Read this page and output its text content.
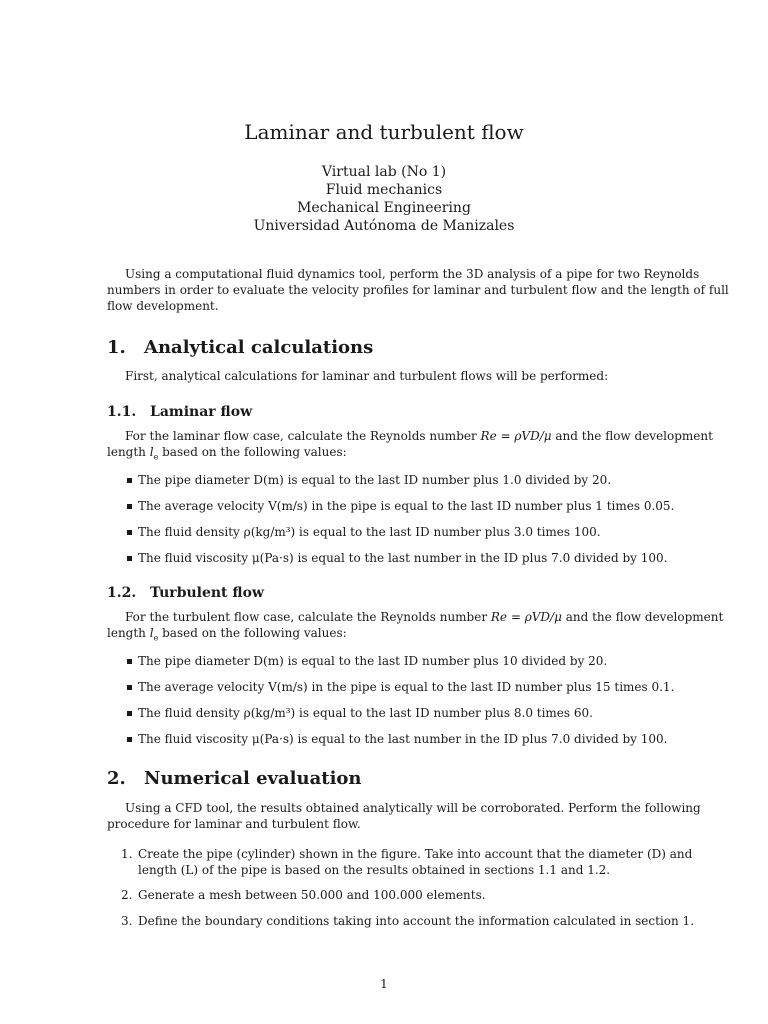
Laminar and turbulent flow
Virtual lab (No 1)
Fluid mechanics
Mechanical Engineering
Universidad Autónoma de Manizales
Using a computational fluid dynamics tool, perform the 3D analysis of a pipe for two Reynolds
numbers in order to evaluate the velocity profiles for laminar and turbulent flow and the length of full
flow development.
1. Analytical calculations
First, analytical calculations for laminar and turbulent flows will be performed:
1.1. Laminar flow
For the laminar flow case, calculate the Reynolds number Re = ρVD/μ and the flow development
length $l_e$ based on the following values:
The pipe diameter D(m) is equal to the last ID number plus 1.0 divided by 20.
The average velocity V(m/s) in the pipe is equal to the last ID number plus 1 times 0.05.
The fluid density ρ(kg/m³) is equal to the last ID number plus 3.0 times 100.
The fluid viscosity μ(Pa·s) is equal to the last number in the ID plus 7.0 divided by 100.
1.2. Turbulent flow
For the turbulent flow case, calculate the Reynolds number Re = ρVD/μ and the flow development
length $l_e$ based on the following values:
The pipe diameter D(m) is equal to the last ID number plus 10 divided by 20.
The average velocity V(m/s) in the pipe is equal to the last ID number plus 15 times 0.1.
The fluid density ρ(kg/m³) is equal to the last ID number plus 8.0 times 60.
The fluid viscosity μ(Pa·s) is equal to the last number in the ID plus 7.0 divided by 100.
2. Numerical evaluation
Using a CFD tool, the results obtained analytically will be corroborated. Perform the following
procedure for laminar and turbulent flow.
1. Create the pipe (cylinder) shown in the figure. Take into account that the diameter (D) and
length (L) of the pipe is based on the results obtained in sections 1.1 and 1.2.
2. Generate a mesh between 50.000 and 100.000 elements.
3. Define the boundary conditions taking into account the information calculated in section 1.
1
